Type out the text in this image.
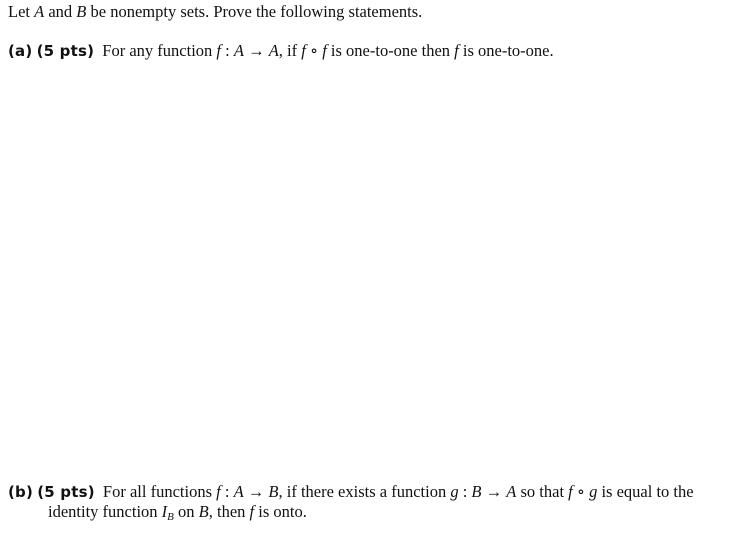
Let A and B be nonempty sets. Prove the following statements.
(a) (5 pts) For any function f : A → A, if f ∘ f is one-to-one then f is one-to-one.
(b) (5 pts) For all functions f : A → B, if there exists a function g : B → A so that f ∘ g is equal to the
identity function $I_B$ on B, then f is onto.
